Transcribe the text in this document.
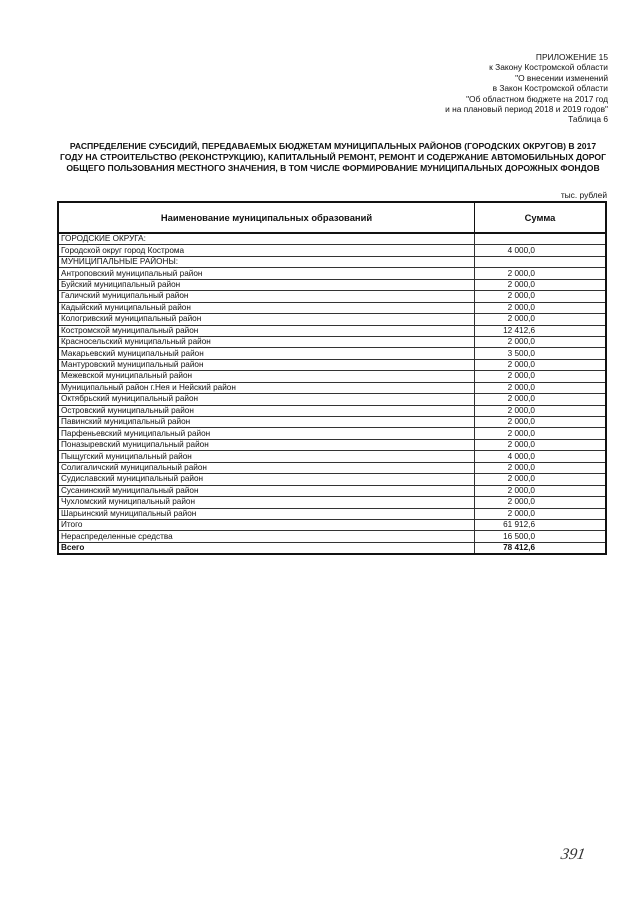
ПРИЛОЖЕНИЕ 15
к Закону Костромской области
"О внесении изменений
в Закон Костромской области
"Об областном бюджете на 2017 год
и на плановый период 2018 и 2019 годов"
Таблица 6
РАСПРЕДЕЛЕНИЕ СУБСИДИЙ, ПЕРЕДАВАЕМЫХ БЮДЖЕТАМ МУНИЦИПАЛЬНЫХ РАЙОНОВ (ГОРОДСКИХ ОКРУГОВ) В 2017 ГОДУ НА СТРОИТЕЛЬСТВО (РЕКОНСТРУКЦИЮ), КАПИТАЛЬНЫЙ РЕМОНТ, РЕМОНТ И СОДЕРЖАНИЕ АВТОМОБИЛЬНЫХ ДОРОГ ОБЩЕГО ПОЛЬЗОВАНИЯ МЕСТНОГО ЗНАЧЕНИЯ, В ТОМ ЧИСЛЕ ФОРМИРОВАНИЕ МУНИЦИПАЛЬНЫХ ДОРОЖНЫХ ФОНДОВ
тыс. рублей
Наименование муниципальных образований	Сумма
ГОРОДСКИЕ ОКРУГА:	
Городской округ город Кострома	4 000,0
МУНИЦИПАЛЬНЫЕ РАЙОНЫ:	
Антроповский муниципальный район	2 000,0
Буйский муниципальный район	2 000,0
Галичский муниципальный район	2 000,0
Кадыйский муниципальный район	2 000,0
Кологривский муниципальный район	2 000,0
Костромской муниципальный район	12 412,6
Красносельский муниципальный район	2 000,0
Макарьевский муниципальный район	3 500,0
Мантуровский муниципальный район	2 000,0
Межевской муниципальный район	2 000,0
Муниципальный район г.Нея и Нейский район	2 000,0
Октябрьский муниципальный район	2 000,0
Островский муниципальный район	2 000,0
Павинский муниципальный район	2 000,0
Парфеньевский муниципальный район	2 000,0
Поназыревский муниципальный район	2 000,0
Пыщугский муниципальный район	4 000,0
Солигаличский муниципальный район	2 000,0
Судиславский муниципальный район	2 000,0
Сусанинский муниципальный район	2 000,0
Чухломский муниципальный район	2 000,0
Шарьинский муниципальный район	2 000,0
Итого	61 912,6
Нераспределенные средства	16 500,0
Всего	78 412,6
391
